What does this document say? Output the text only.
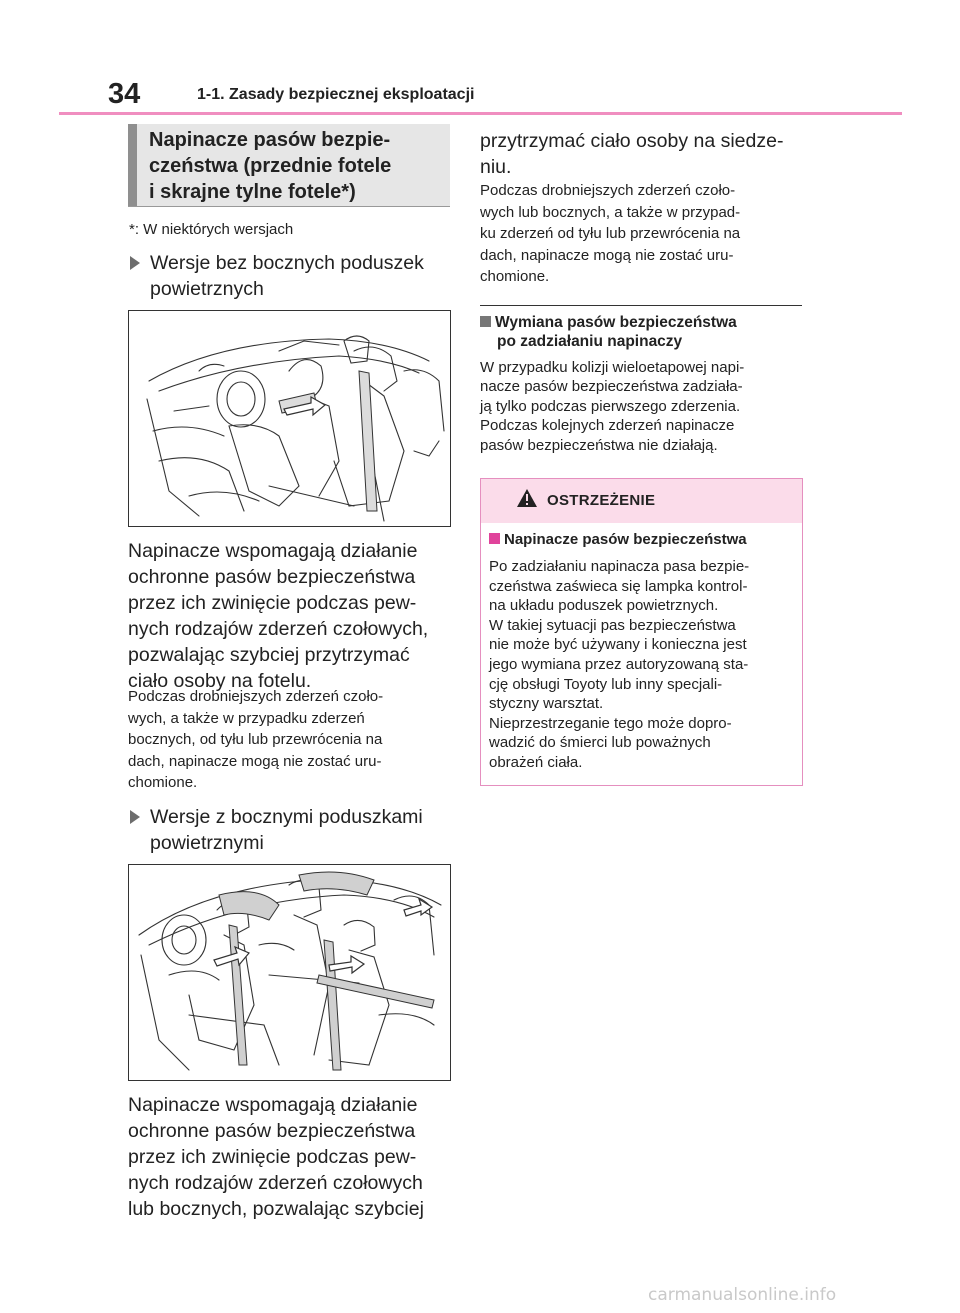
34	1-1. Zasady bezpiecznej eksploatacji
Napinacze pasów bezpie-
czeństwa (przednie fotele
i skrajne tylne fotele*)
*: W niektórych wersjach
Wersje bez bocznych poduszek
powietrznych
Napinacze wspomagają działanie
ochronne pasów bezpieczeństwa
przez ich zwinięcie podczas pew-
nych rodzajów zderzeń czołowych,
pozwalając szybciej przytrzymać
ciało osoby na fotelu.
Podczas drobniejszych zderzeń czoło-
wych, a także w przypadku zderzeń
bocznych, od tyłu lub przewrócenia na
dach, napinacze mogą nie zostać uru-
chomione.
Wersje z bocznymi poduszkami
powietrznymi
Napinacze wspomagają działanie
ochronne pasów bezpieczeństwa
przez ich zwinięcie podczas pew-
nych rodzajów zderzeń czołowych
lub bocznych, pozwalając szybciej
przytrzymać ciało osoby na siedze-
niu.
Podczas drobniejszych zderzeń czoło-
wych lub bocznych, a także w przypad-
ku zderzeń od tyłu lub przewrócenia na
dach, napinacze mogą nie zostać uru-
chomione.
Wymiana pasów bezpieczeństwa
po zadziałaniu napinaczy
W przypadku kolizji wieloetapowej napi-
nacze pasów bezpieczeństwa zadziała-
ją tylko podczas pierwszego zderzenia.
Podczas kolejnych zderzeń napinacze
pasów bezpieczeństwa nie działają.
OSTRZEŻENIE
Napinacze pasów bezpieczeństwa
Po zadziałaniu napinacza pasa bezpie-
czeństwa zaświeca się lampka kontrol-
na układu poduszek powietrznych.
W takiej sytuacji pas bezpieczeństwa
nie może być używany i konieczna jest
jego wymiana przez autoryzowaną sta-
cję obsługi Toyoty lub inny specjali-
styczny warsztat.
Nieprzestrzeganie tego może dopro-
wadzić do śmierci lub poważnych
obrażeń ciała.
carmanualsonline.info
